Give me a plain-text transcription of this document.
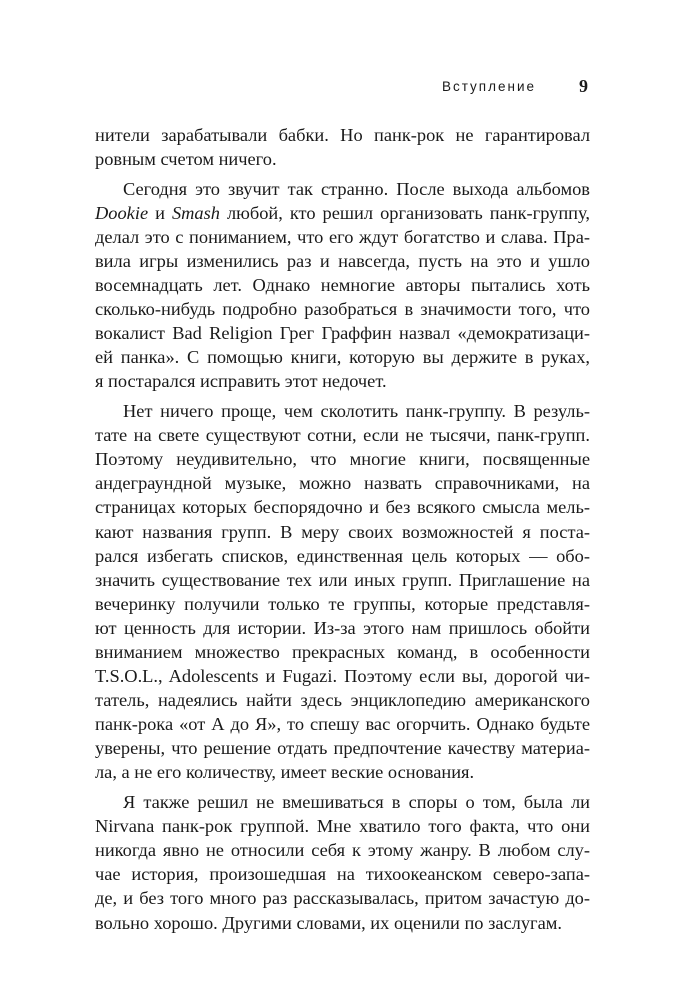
Вступление 9
нители зарабатывали бабки. Но панк-рок не гарантировал
ровным счетом ничего.
Сегодня это звучит так странно. После выхода альбомов
Dookie и Smash любой, кто решил организовать панк-группу,
делал это с пониманием, что его ждут богатство и слава. Пра-
вила игры изменились раз и навсегда, пусть на это и ушло
восемнадцать лет. Однако немногие авторы пытались хоть
сколько-нибудь подробно разобраться в значимости того, что
вокалист Bad Religion Грег Граффин назвал «демократизаци-
ей панка». С помощью книги, которую вы держите в руках,
я постарался исправить этот недочет.
Нет ничего проще, чем сколотить панк-группу. В резуль-
тате на свете существуют сотни, если не тысячи, панк-групп.
Поэтому неудивительно, что многие книги, посвященные
андеграундной музыке, можно назвать справочниками, на
страницах которых беспорядочно и без всякого смысла мель-
кают названия групп. В меру своих возможностей я поста-
рался избегать списков, единственная цель которых — обо-
значить существование тех или иных групп. Приглашение на
вечеринку получили только те группы, которые представля-
ют ценность для истории. Из-за этого нам пришлось обойти
вниманием множество прекрасных команд, в особенности
T.S.O.L., Adolescents и Fugazi. Поэтому если вы, дорогой чи-
татель, надеялись найти здесь энциклопедию американского
панк-рока «от А до Я», то спешу вас огорчить. Однако будьте
уверены, что решение отдать предпочтение качеству материа-
ла, а не его количеству, имеет веские основания.
Я также решил не вмешиваться в споры о том, была ли
Nirvana панк-рок группой. Мне хватило того факта, что они
никогда явно не относили себя к этому жанру. В любом слу-
чае история, произошедшая на тихоокеанском северо-запа-
де, и без того много раз рассказывалась, притом зачастую до-
вольно хорошо. Другими словами, их оценили по заслугам.
